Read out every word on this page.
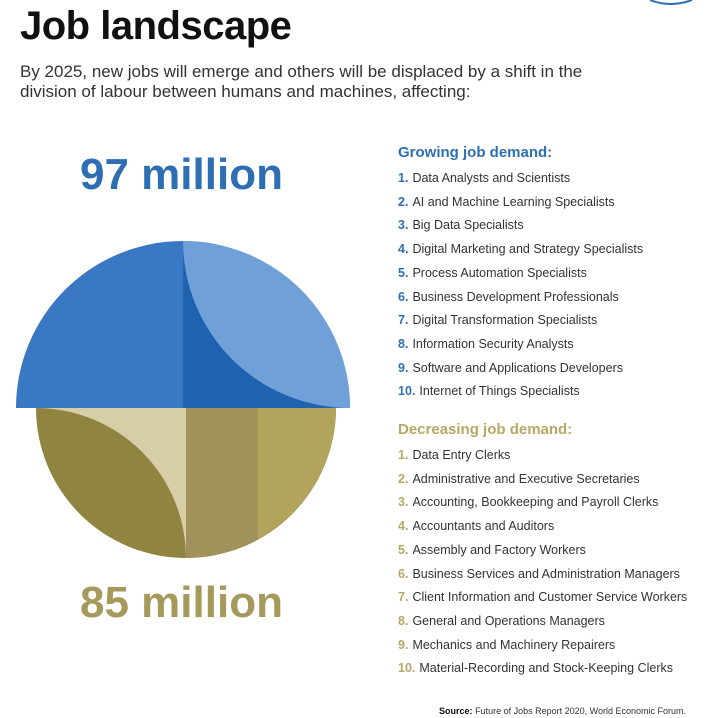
Job landscape

By 2025, new jobs will emerge and others will be displaced by a shift in the division of labour between humans and machines, affecting:

97 million
85 million
Growing job demand:
1. Data Analysts and Scientists
2. AI and Machine Learning Specialists
3. Big Data Specialists
4. Digital Marketing and Strategy Specialists
5. Process Automation Specialists
6. Business Development Professionals
7. Digital Transformation Specialists
8. Information Security Analysts
9. Software and Applications Developers
10. Internet of Things Specialists
Decreasing job demand:
1. Data Entry Clerks
2. Administrative and Executive Secretaries
3. Accounting, Bookkeeping and Payroll Clerks
4. Accountants and Auditors
5. Assembly and Factory Workers
6. Business Services and Administration Managers
7. Client Information and Customer Service Workers
8. General and Operations Managers
9. Mechanics and Machinery Repairers
10. Material-Recording and Stock-Keeping Clerks
Source: Future of Jobs Report 2020, World Economic Forum.
